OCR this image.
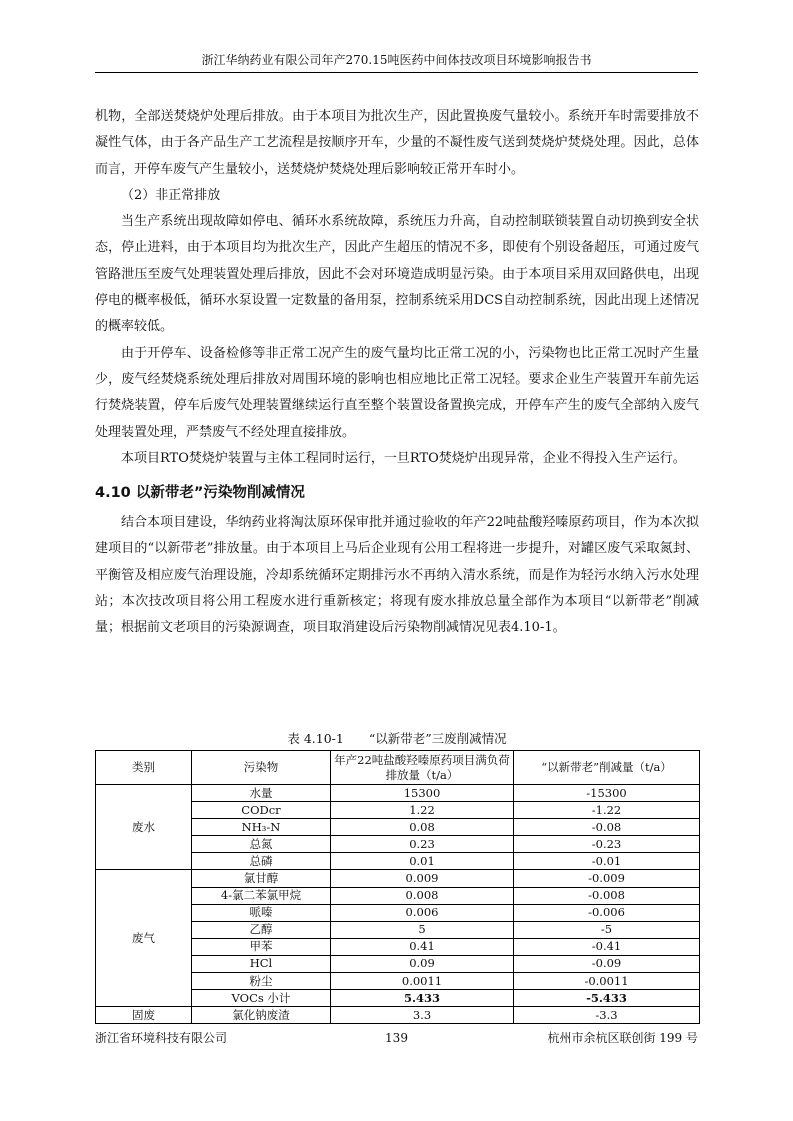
浙江华纳药业有限公司年产270.15吨医药中间体技改项目环境影响报告书

机物，全部送焚烧炉处理后排放。由于本项目为批次生产，因此置换废气量较小。系统开车时需要排放不凝性气体，由于各产品生产工艺流程是按顺序开车，少量的不凝性废气送到焚烧炉焚烧处理。因此，总体而言，开停车废气产生量较小，送焚烧炉焚烧处理后影响较正常开车时小。

（2）非正常排放

当生产系统出现故障如停电、循环水系统故障，系统压力升高，自动控制联锁装置自动切换到安全状态，停止进料，由于本项目均为批次生产，因此产生超压的情况不多，即使有个别设备超压，可通过废气管路泄压至废气处理装置处理后排放，因此不会对环境造成明显污染。由于本项目采用双回路供电，出现停电的概率极低，循环水泵设置一定数量的备用泵，控制系统采用DCS自动控制系统，因此出现上述情况的概率较低。

由于开停车、设备检修等非正常工况产生的废气量均比正常工况的小，污染物也比正常工况时产生量少，废气经焚烧系统处理后排放对周围环境的影响也相应地比正常工况轻。要求企业生产装置开车前先运行焚烧装置，停车后废气处理装置继续运行直至整个装置设备置换完成，开停车产生的废气全部纳入废气处理装置处理，严禁废气不经处理直接排放。

本项目RTO焚烧炉装置与主体工程同时运行，一旦RTO焚烧炉出现异常，企业不得投入生产运行。

4.10 以新带老”污染物削减情况

结合本项目建设，华纳药业将淘汰原环保审批并通过验收的年产22吨盐酸羟嗪原药项目，作为本次拟建项目的“以新带老”排放量。由于本项目上马后企业现有公用工程将进一步提升，对罐区废气采取氮封、平衡管及相应废气治理设施，冷却系统循环定期排污水不再纳入清水系统，而是作为轻污水纳入污水处理站；本次技改项目将公用工程废水进行重新核定；将现有废水排放总量全部作为本项目“以新带老”削减量；根据前文老项目的污染源调查，项目取消建设后污染物削减情况见表4.10-1。

表 4.10-1　　“以新带老”三废削减情况
类别	污染物	年产22吨盐酸羟嗪原药项目满负荷排放量（t/a）	“以新带老”削减量（t/a）
废水	水量	15300	-15300
	CODcr	1.22	-1.22
	NH₃-N	0.08	-0.08
	总氮	0.23	-0.23
	总磷	0.01	-0.01
废气	氯甘醇	0.009	-0.009
	4-氯二苯氯甲烷	0.008	-0.008
	哌嗪	0.006	-0.006
	乙醇	5	-5
	甲苯	0.41	-0.41
	HCl	0.09	-0.09
	粉尘	0.0011	-0.0011
	VOCs 小计	5.433	-5.433
固废	氯化钠废渣	3.3	-3.3
浙江省环境科技有限公司	139	杭州市余杭区联创街 199 号
